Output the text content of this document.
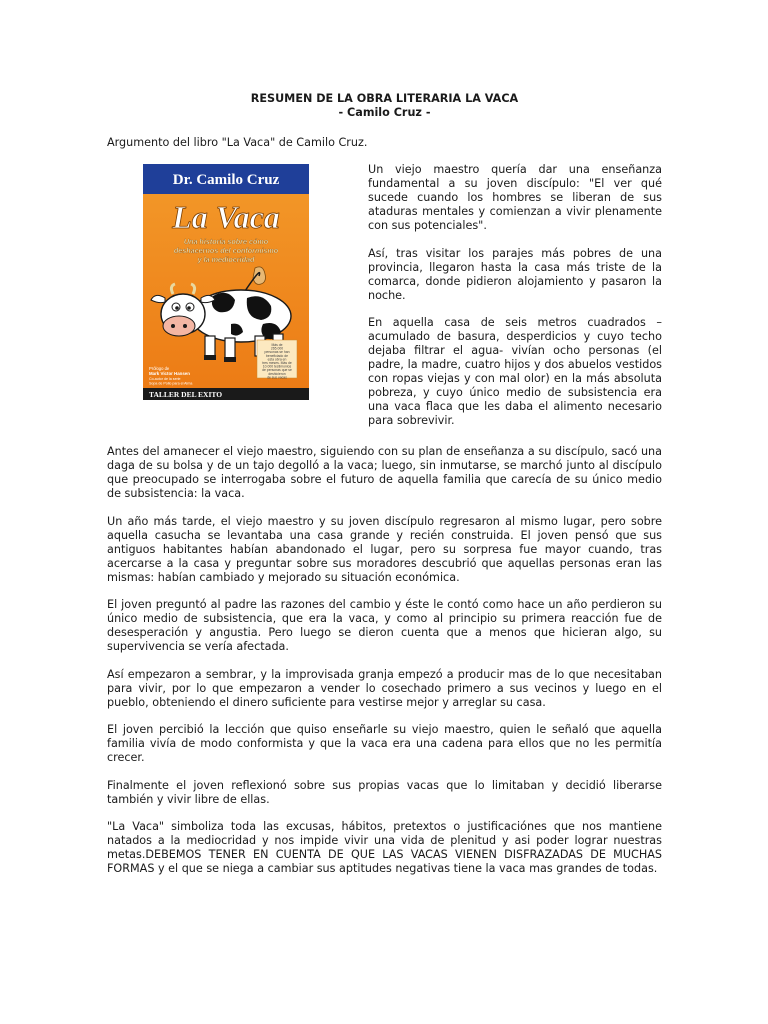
RESUMEN DE LA OBRA LITERARIA LA VACA
- Camilo Cruz -
Argumento del libro "La Vaca" de Camilo Cruz.
Dr. Camilo Cruz
La Vaca
Una historia sobre cómo
deshacernos del conformismo
y la mediocridad
Más de
265.000
personas se han
beneficiado de
esta obra en
tres meses. Más de
10.000 testimonios
de personas que se
deshicieron
de sus vacas
Prólogo de
Mark Victor Hansen
Co-autor de la serie
Sopa de Pollo para el Alma
TALLER DEL EXITO

Un viejo maestro quería dar una enseñanza fundamental a su joven discípulo: "El ver qué sucede cuando los hombres se liberan de sus ataduras mentales y comienzan a vivir plenamente con sus potenciales".

Así, tras visitar los parajes más pobres de una provincia, llegaron hasta la casa más triste de la comarca, donde pidieron alojamiento y pasaron la noche.

En aquella casa de seis metros cuadrados – acumulado de basura, desperdicios y cuyo techo dejaba filtrar el agua- vivían ocho personas (el padre, la madre, cuatro hijos y dos abuelos vestidos con ropas viejas y con mal olor) en la más absoluta pobreza, y cuyo único medio de subsistencia era una vaca flaca que les daba el alimento necesario para sobrevivir.

Antes del amanecer el viejo maestro, siguiendo con su plan de enseñanza a su discípulo, sacó una daga de su bolsa y de un tajo degolló a la vaca; luego, sin inmutarse, se marchó junto al discípulo que preocupado se interrogaba sobre el futuro de aquella familia que carecía de su único medio de subsistencia: la vaca.

Un año más tarde, el viejo maestro y su joven discípulo regresaron al mismo lugar, pero sobre aquella casucha se levantaba una casa grande y recién construida. El joven pensó que sus antiguos habitantes habían abandonado el lugar, pero su sorpresa fue mayor cuando, tras acercarse a la casa y preguntar sobre sus moradores descubrió que aquellas personas eran las mismas: habían cambiado y mejorado su situación económica.

El joven preguntó al padre las razones del cambio y éste le contó como hace un año perdieron su único medio de subsistencia, que era la vaca, y como al principio su primera reacción fue de desesperación y angustia. Pero luego se dieron cuenta que a menos que hicieran algo, su supervivencia se vería afectada.

Así empezaron a sembrar, y la improvisada granja empezó a producir mas de lo que necesitaban para vivir, por lo que empezaron a vender lo cosechado primero a sus vecinos y luego en el pueblo, obteniendo el dinero suficiente para vestirse mejor y arreglar su casa.

El joven percibió la lección que quiso enseñarle su viejo maestro, quien le señaló que aquella familia vivía de modo conformista y que la vaca era una cadena para ellos que no les permitía crecer.

Finalmente el joven reflexionó sobre sus propias vacas que lo limitaban y decidió liberarse también y vivir libre de ellas.

"La Vaca" simboliza toda las excusas, hábitos, pretextos o justificaciónes que nos mantiene natados a la mediocridad y nos impide vivir una vida de plenitud y asi poder lograr nuestras metas.DEBEMOS TENER EN CUENTA DE QUE LAS VACAS VIENEN DISFRAZADAS DE MUCHAS FORMAS y el que se niega a cambiar sus aptitudes negativas tiene la vaca mas grandes de todas.
